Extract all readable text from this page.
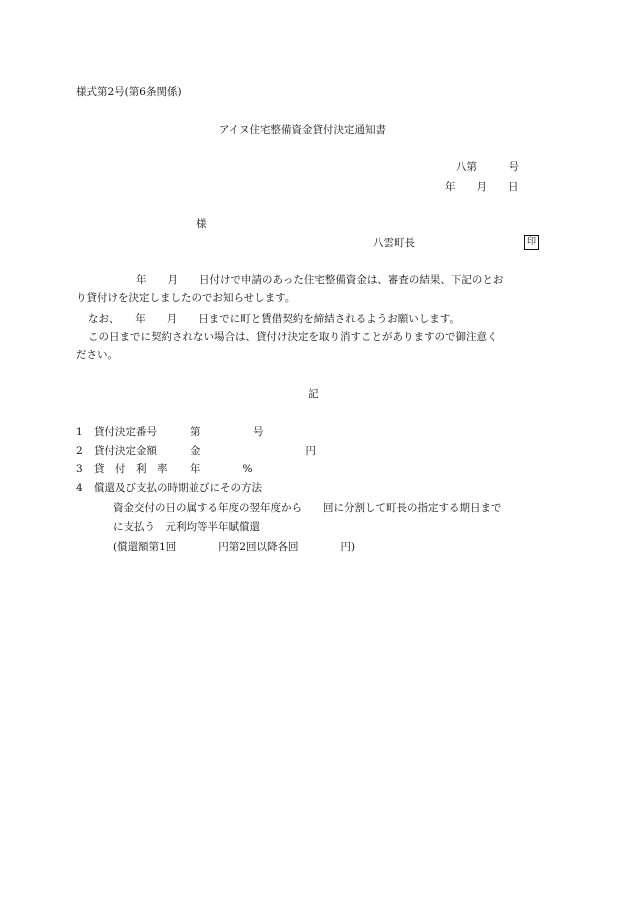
様式第2号(第6条関係)
アイヌ住宅整備資金貸付決定通知書
八第　　　号
年　　月　　日
様
八雲町長	印
年　　月　　日付けで申請のあった住宅整備資金は、審査の結果、下記のとお
り貸付けを決定しましたのでお知らせします。
なお、　　年　　月　　日までに町と賃借契約を締結されるようお願いします。
この日までに契約されない場合は、貸付け決定を取り消すことがありますので御注意く
ださい。
記
1 貸付決定番号	第　　　　　号
2 貸付決定金額	金　　　　　　　　　　円
3 貸　付　利　率 年　　　　%
4 償還及び支払の時期並びにその方法
資金交付の日の属する年度の翌年度から　　回に分割して町長の指定する期日まで
に支払う　元利均等半年賦償還
(償還額第1回　　　　円第2回以降各回　　　　円)
